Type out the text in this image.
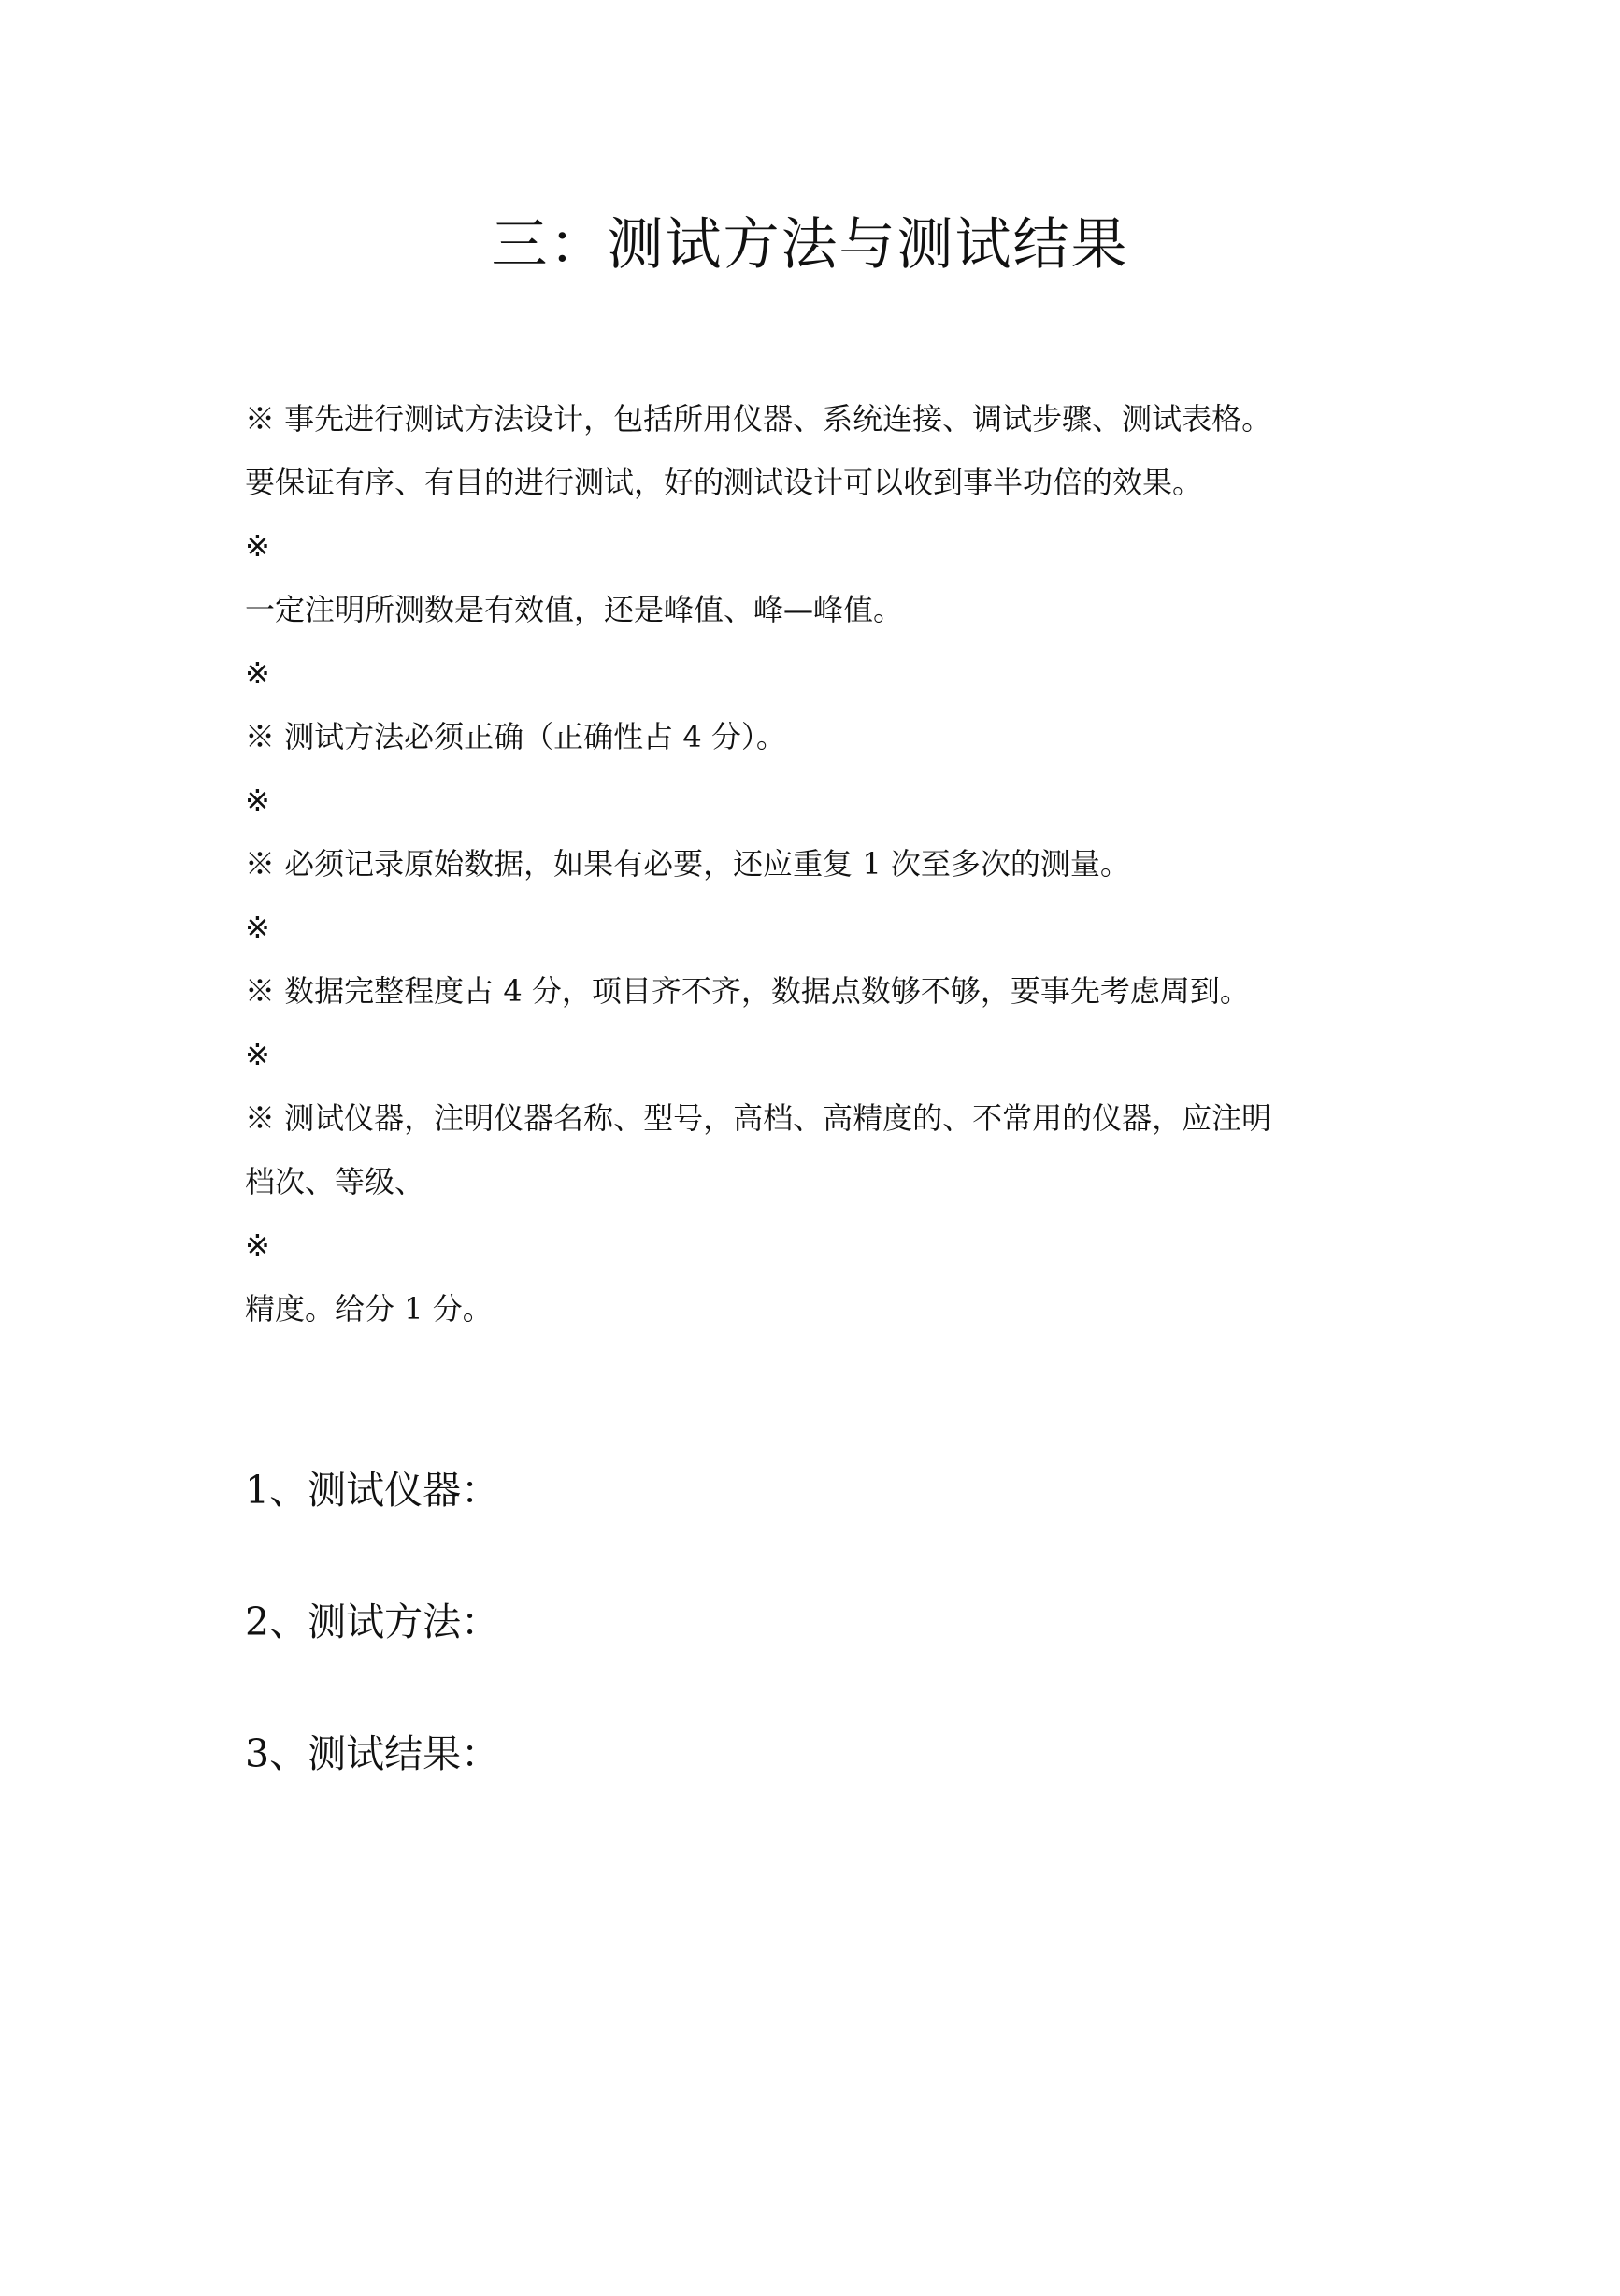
三：测试方法与测试结果
※ 事先进行测试方法设计，包括所用仪器、系统连接、调试步骤、测试表格。
要保证有序、有目的进行测试，好的测试设计可以收到事半功倍的效果。
※
一定注明所测数是有效值，还是峰值、峰—峰值。
※
※ 测试方法必须正确（正确性占 4 分）。
※
※ 必须记录原始数据，如果有必要，还应重复 1 次至多次的测量。
※
※ 数据完整程度占 4 分，项目齐不齐，数据点数够不够，要事先考虑周到。
※
※ 测试仪器，注明仪器名称、型号，高档、高精度的、不常用的仪器，应注明
档次、等级、
※
精度。给分 1 分。
1、测试仪器：
2、测试方法：
3、测试结果：
